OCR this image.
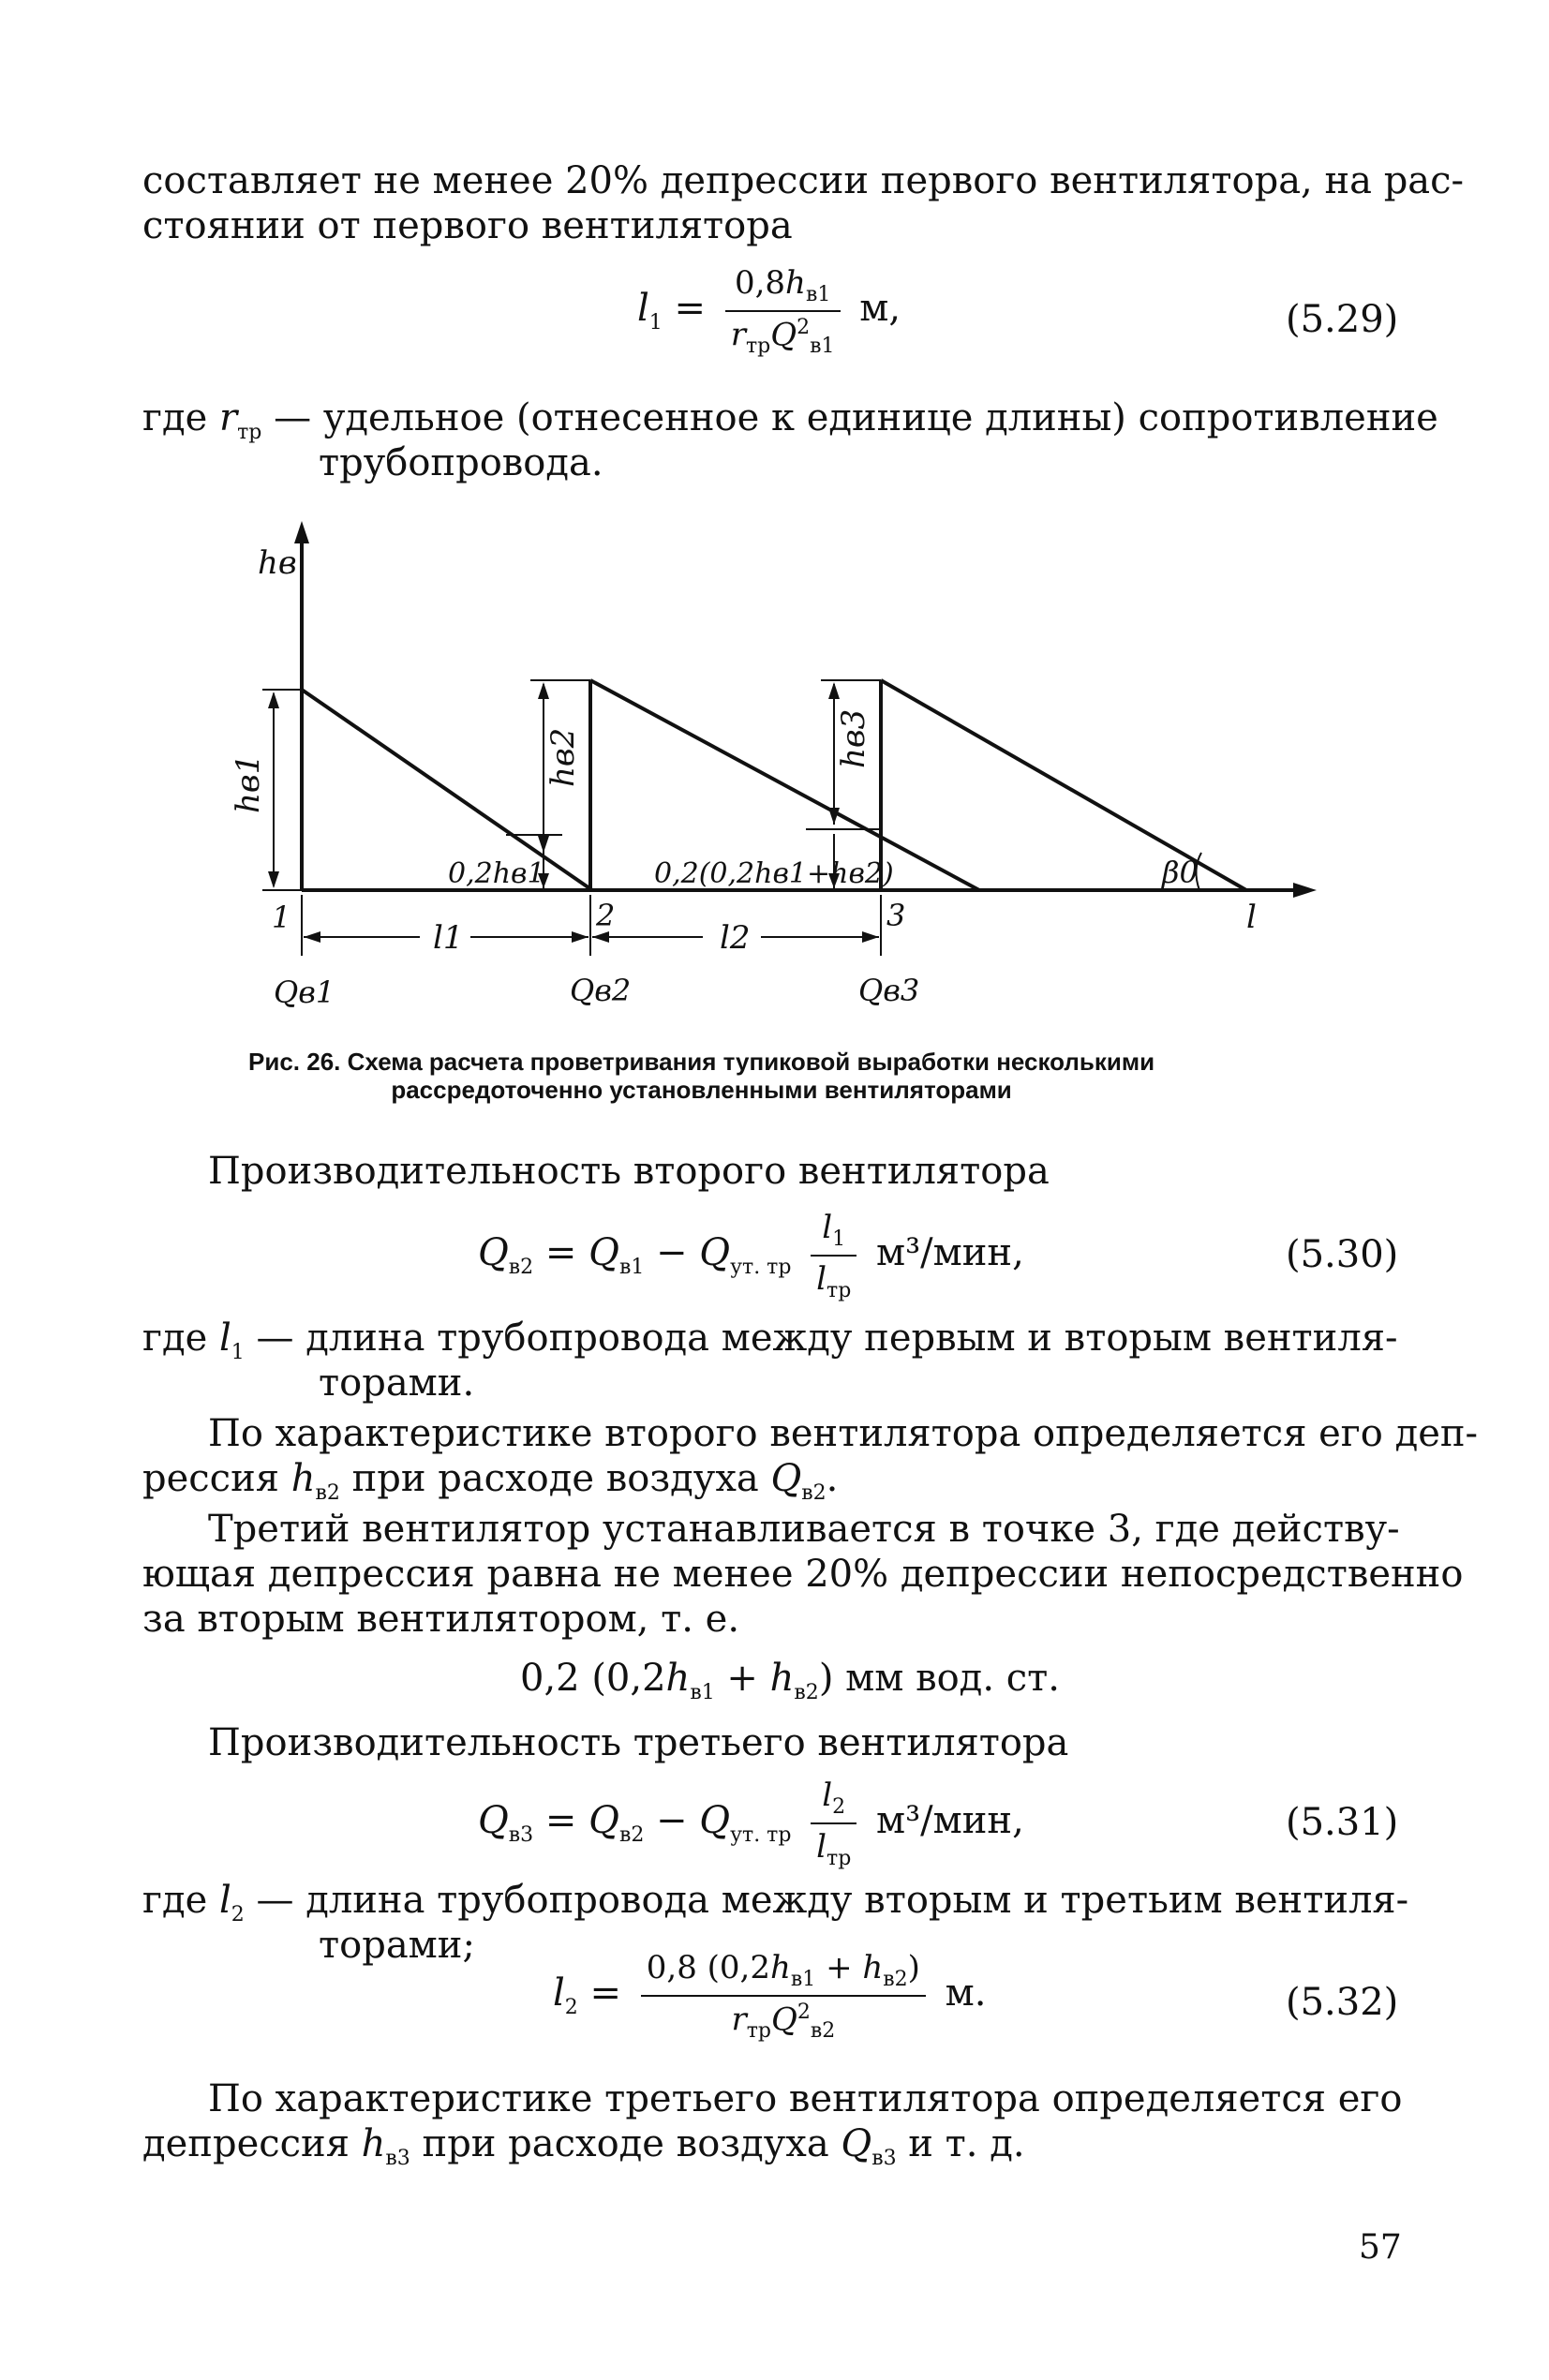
составляет не менее 20% депрессии первого вентилятора, на рас-
стоянии от первого вентилятора
$l_1 = \frac{0,8h_{в1}}{r_{тр}Q^2_{в1}} м$,	(5.29)
где $r_{тр}$ — удельное (отнесенное к единице длины) сопротивление
трубопровода.
hв1	hв2
0,2hв1
hв3
0,2(0,2hв1+hв2)	β0
1	2	3	l
hв
l1	l2
Qв1	Qв2	Qв3
Рис. 26. Схема расчета проветривания тупиковой выработки несколькими
рассредоточенно установленными вентиляторами
Производительность второго вентилятора
$Q_{в2} = Q_{в1} - Q_{ут. тр} \frac{l_1}{l_{тр}} м^3/мин$,	(5.30)
где $l_1$ — длина трубопровода между первым и вторым вентиля-
торами.
По характеристике второго вентилятора определяется его деп-
рессия $h_{в2}$ при расходе воздуха $Q_{в2}$.
Третий вентилятор устанавливается в точке 3, где действу-
ющая депрессия равна не менее 20% депрессии непосредственно
за вторым вентилятором, т. е.
0,2 $(0,2h_{в1} + h_{в2})$ мм вод. ст.
Производительность третьего вентилятора
$Q_{в3} = Q_{в2} - Q_{ут. тр} \frac{l_2}{l_{тр}} м^3/мин$,	(5.31)
где $l_2$ — длина трубопровода между вторым и третьим вентиля-
торами;
$l_2 = \frac{0,8 (0,2h_{в1} + h_{в2})}{r_{тр}Q^2_{в2}} м$.	(5.32)
По характеристике третьего вентилятора определяется его
депрессия $h_{в3}$ при расходе воздуха $Q_{в3}$ и т. д.
57
